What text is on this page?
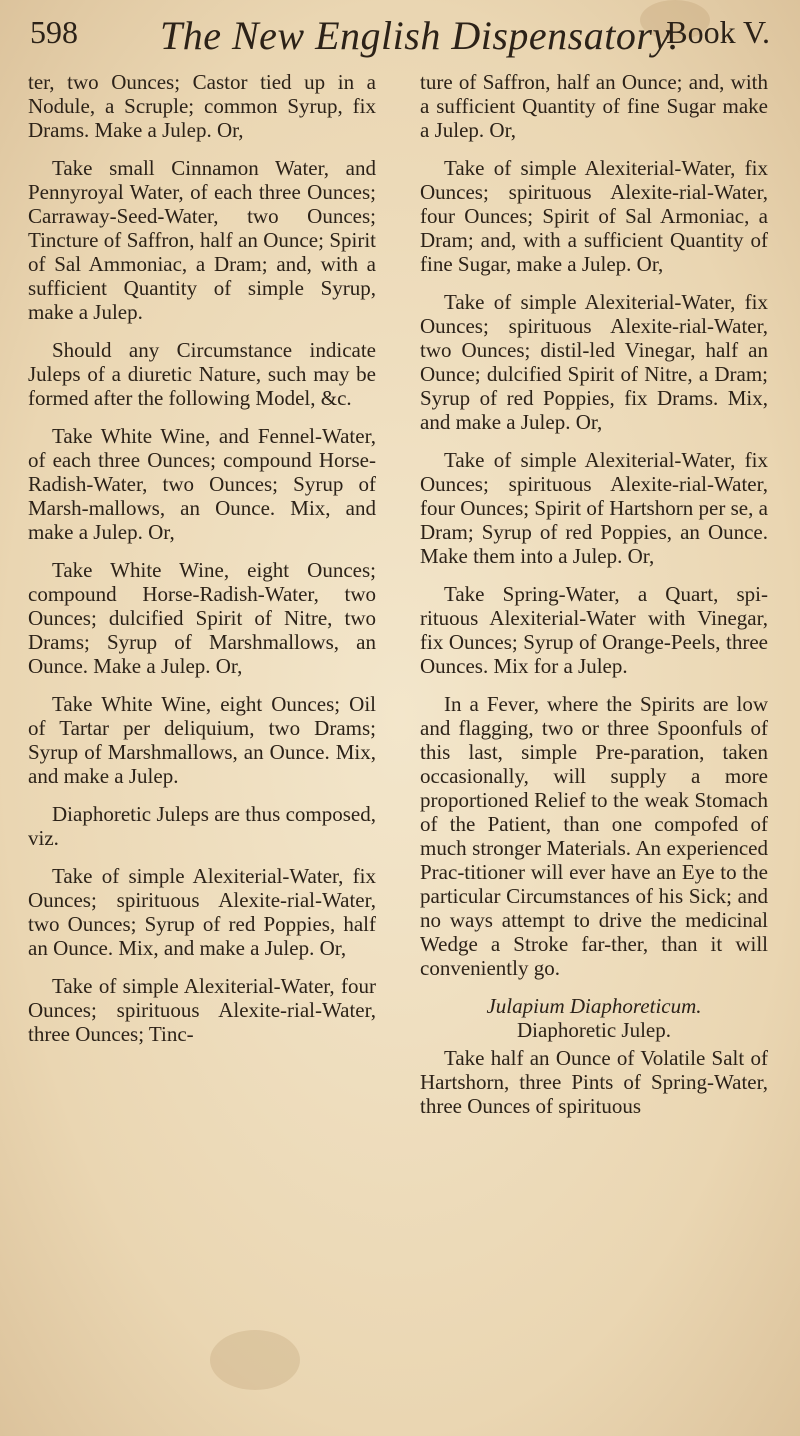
598 The New English Dispensatory.
Book V.

ter, two Ounces; Castor tied up in a Nodule, a Scruple; common Syrup, fix Drams. Make a Julep. Or,

Take small Cinnamon Water, and Pennyroyal Water, of each three Ounces; Carraway-Seed-Water, two Ounces; Tincture of Saffron, half an Ounce; Spirit of Sal Ammoniac, a Dram; and, with a sufficient Quantity of simple Syrup, make a Julep.

Should any Circumstance indicate Juleps of a diuretic Nature, such may be formed after the following Model, &c.

Take White Wine, and Fennel-Water, of each three Ounces; compound Horse-Radish-Water, two Ounces; Syrup of Marsh-mallows, an Ounce. Mix, and make a Julep. Or,

Take White Wine, eight Ounces; compound Horse-Radish-Water, two Ounces; dulcified Spirit of Nitre, two Drams; Syrup of Marshmallows, an Ounce. Make a Julep. Or,

Take White Wine, eight Ounces; Oil of Tartar per deliquium, two Drams; Syrup of Marshmallows, an Ounce. Mix, and make a Julep.

Diaphoretic Juleps are thus composed, viz.

Take of simple Alexiterial-Water, fix Ounces; spirituous Alexite-rial-Water, two Ounces; Syrup of red Poppies, half an Ounce. Mix, and make a Julep. Or,

Take of simple Alexiterial-Water, four Ounces; spirituous Alexite-rial-Water, three Ounces; Tinc-

ture of Saffron, half an Ounce; and, with a sufficient Quantity of fine Sugar make a Julep. Or,

Take of simple Alexiterial-Water, fix Ounces; spirituous Alexite-rial-Water, four Ounces; Spirit of Sal Armoniac, a Dram; and, with a sufficient Quantity of fine Sugar, make a Julep. Or,

Take of simple Alexiterial-Water, fix Ounces; spirituous Alexite-rial-Water, two Ounces; distil-led Vinegar, half an Ounce; dulcified Spirit of Nitre, a Dram; Syrup of red Poppies, fix Drams. Mix, and make a Julep. Or,

Take of simple Alexiterial-Water, fix Ounces; spirituous Alexite-rial-Water, four Ounces; Spirit of Hartshorn per se, a Dram; Syrup of red Poppies, an Ounce. Make them into a Julep. Or,

Take Spring-Water, a Quart, spi-rituous Alexiterial-Water with Vinegar, fix Ounces; Syrup of Orange-Peels, three Ounces. Mix for a Julep.

In a Fever, where the Spirits are low and flagging, two or three Spoonfuls of this last, simple Pre-paration, taken occasionally, will supply a more proportioned Relief to the weak Stomach of the Patient, than one compofed of much stronger Materials. An experienced Prac-titioner will ever have an Eye to the particular Circumstances of his Sick; and no ways attempt to drive the medicinal Wedge a Stroke far-ther, than it will conveniently go.

Julapium Diaphoreticum.

Diaphoretic Julep.

Take half an Ounce of Volatile Salt of Hartshorn, three Pints of Spring-Water, three Ounces of spirituous
